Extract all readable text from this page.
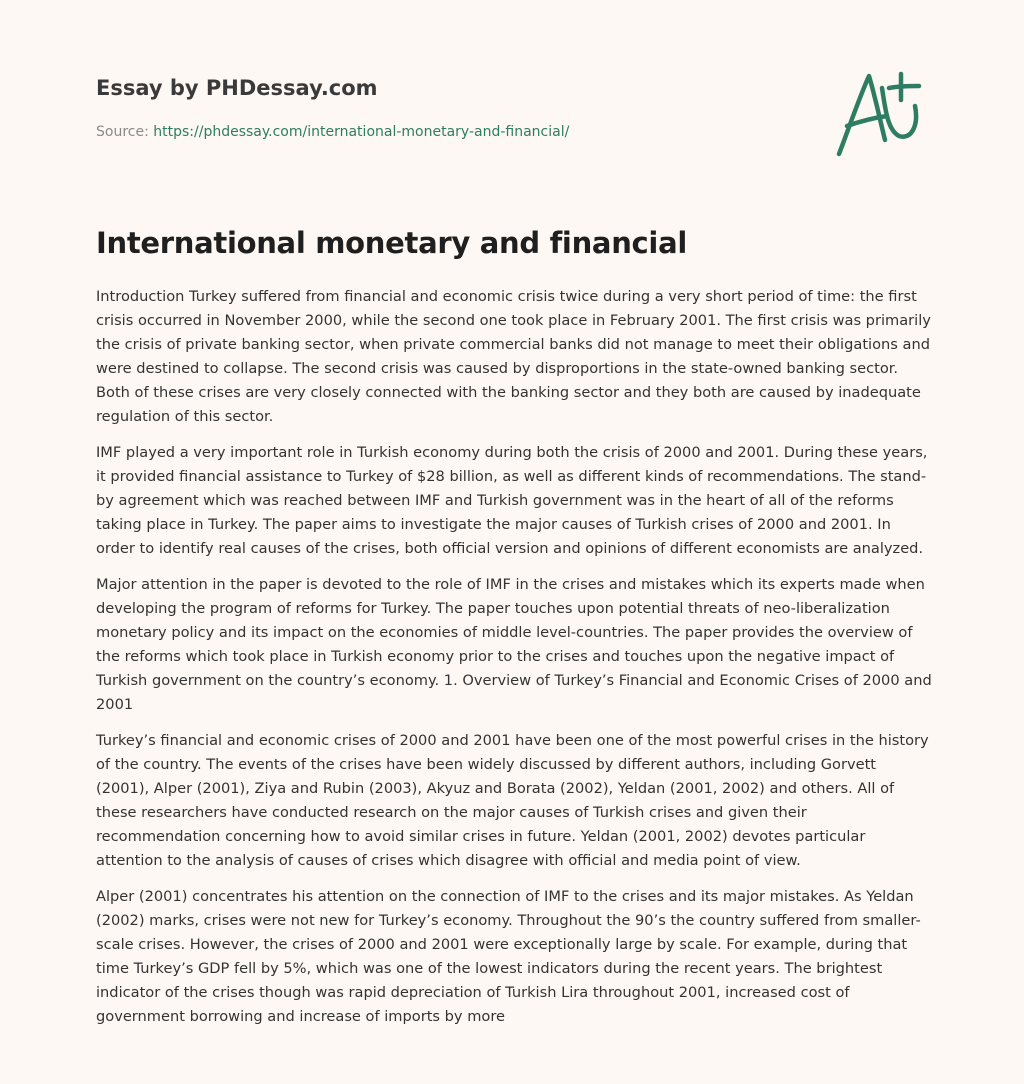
Essay by PHDessay.com
Source: https://phdessay.com/international-monetary-and-financial/
International monetary and financial

Introduction Turkey suffered from financial and economic crisis twice during a very short period of time: the first crisis occurred in November 2000, while the second one took place in February 2001. The first crisis was primarily the crisis of private banking sector, when private commercial banks did not manage to meet their obligations and were destined to collapse. The second crisis was caused by disproportions in the state-owned banking sector. Both of these crises are very closely connected with the banking sector and they both are caused by inadequate regulation of this sector.

IMF played a very important role in Turkish economy during both the crisis of 2000 and 2001. During these years, it provided financial assistance to Turkey of $28 billion, as well as different kinds of recommendations. The stand-by agreement which was reached between IMF and Turkish government was in the heart of all of the reforms taking place in Turkey. The paper aims to investigate the major causes of Turkish crises of 2000 and 2001. In order to identify real causes of the crises, both official version and opinions of different economists are analyzed.

Major attention in the paper is devoted to the role of IMF in the crises and mistakes which its experts made when developing the program of reforms for Turkey. The paper touches upon potential threats of neo-liberalization monetary policy and its impact on the economies of middle level-countries. The paper provides the overview of the reforms which took place in Turkish economy prior to the crises and touches upon the negative impact of Turkish government on the country’s economy. 1. Overview of Turkey’s Financial and Economic Crises of 2000 and 2001

Turkey’s financial and economic crises of 2000 and 2001 have been one of the most powerful crises in the history of the country. The events of the crises have been widely discussed by different authors, including Gorvett (2001), Alper (2001), Ziya and Rubin (2003), Akyuz and Borata (2002), Yeldan (2001, 2002) and others. All of these researchers have conducted research on the major causes of Turkish crises and given their recommendation concerning how to avoid similar crises in future. Yeldan (2001, 2002) devotes particular attention to the analysis of causes of crises which disagree with official and media point of view.

Alper (2001) concentrates his attention on the connection of IMF to the crises and its major mistakes. As Yeldan (2002) marks, crises were not new for Turkey’s economy. Throughout the 90’s the country suffered from smaller-scale crises. However, the crises of 2000 and 2001 were exceptionally large by scale. For example, during that time Turkey’s GDP fell by 5%, which was one of the lowest indicators during the recent years. The brightest indicator of the crises though was rapid depreciation of Turkish Lira throughout 2001, increased cost of government borrowing and increase of imports by more
